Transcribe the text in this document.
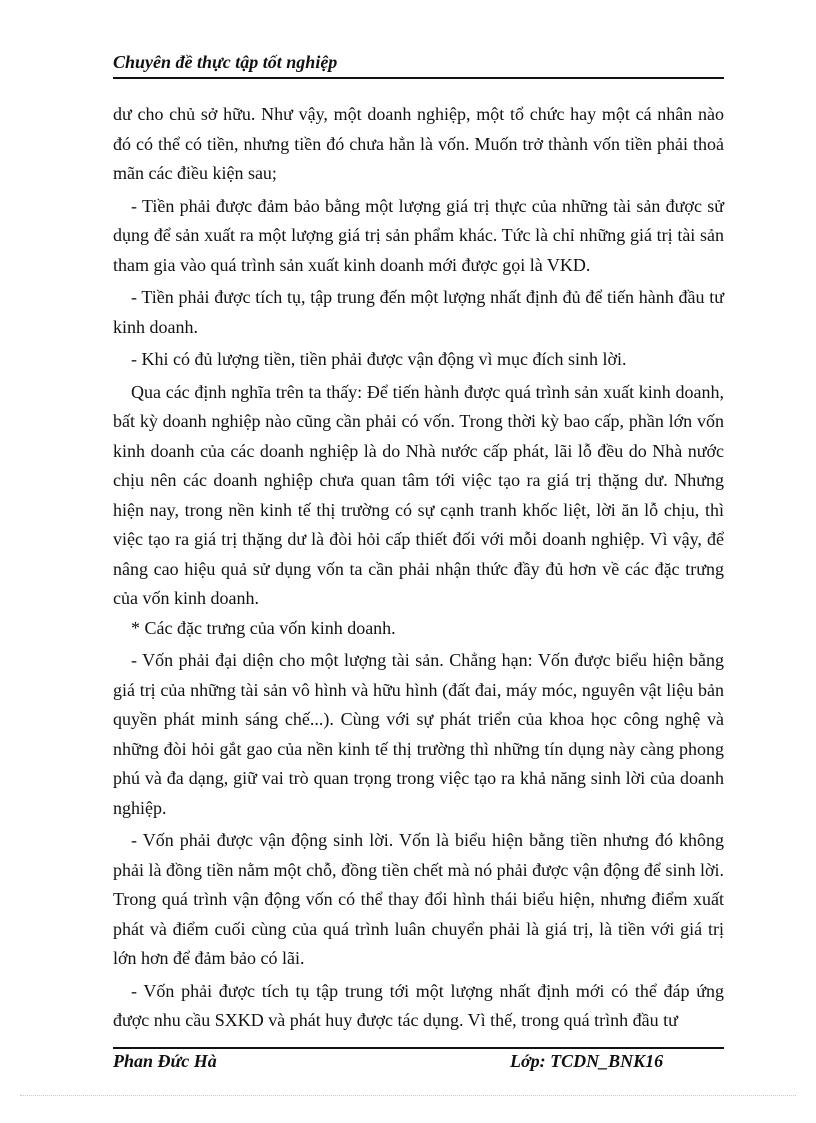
Chuyên đề thực tập tốt nghiệp

dư cho chủ sở hữu. Như vậy, một doanh nghiệp, một tổ chức hay một cá nhân nào đó có thể có tiền, nhưng tiền đó chưa hẳn là vốn. Muốn trở thành vốn tiền phải thoả mãn các điều kiện sau;

- Tiền phải được đảm bảo bằng một lượng giá trị thực của những tài sản được sử dụng để sản xuất ra một lượng giá trị sản phẩm khác. Tức là chỉ những giá trị tài sản tham gia vào quá trình sản xuất kinh doanh mới được gọi là VKD.

- Tiền phải được tích tụ, tập trung đến một lượng nhất định đủ để tiến hành đầu tư kinh doanh.

- Khi có đủ lượng tiền, tiền phải được vận động vì mục đích sinh lời.

Qua các định nghĩa trên ta thấy: Để tiến hành được quá trình sản xuất kinh doanh, bất kỳ doanh nghiệp nào cũng cần phải có vốn. Trong thời kỳ bao cấp, phần lớn vốn kinh doanh của các doanh nghiệp là do Nhà nước cấp phát, lãi lỗ đều do Nhà nước chịu nên các doanh nghiệp chưa quan tâm tới việc tạo ra giá trị thặng dư. Nhưng hiện nay, trong nền kinh tế thị trường có sự cạnh tranh khốc liệt, lời ăn lỗ chịu, thì việc tạo ra giá trị thặng dư là đòi hỏi cấp thiết đối với mỗi doanh nghiệp. Vì vậy, để nâng cao hiệu quả sử dụng vốn ta cần phải nhận thức đầy đủ hơn về các đặc trưng của vốn kinh doanh.

* Các đặc trưng của vốn kinh doanh.

- Vốn phải đại diện cho một lượng tài sản. Chẳng hạn: Vốn được biểu hiện bằng giá trị của những tài sản vô hình và hữu hình (đất đai, máy móc, nguyên vật liệu bản quyền phát minh sáng chế...). Cùng với sự phát triển của khoa học công nghệ và những đòi hỏi gắt gao của nền kinh tế thị trường thì những tín dụng này càng phong phú và đa dạng, giữ vai trò quan trọng trong việc tạo ra khả năng sinh lời của doanh nghiệp.

- Vốn phải được vận động sinh lời. Vốn là biểu hiện bằng tiền nhưng đó không phải là đồng tiền nằm một chỗ, đồng tiền chết mà nó phải được vận động để sinh lời. Trong quá trình vận động vốn có thể thay đổi hình thái biểu hiện, nhưng điểm xuất phát và điểm cuối cùng của quá trình luân chuyển phải là giá trị, là tiền với giá trị lớn hơn để đảm bảo có lãi.

- Vốn phải được tích tụ tập trung tới một lượng nhất định mới có thể đáp ứng được nhu cầu SXKD và phát huy được tác dụng. Vì thế, trong quá trình đầu tư

Phan Đức Hà	Lớp: TCDN_BNK16
